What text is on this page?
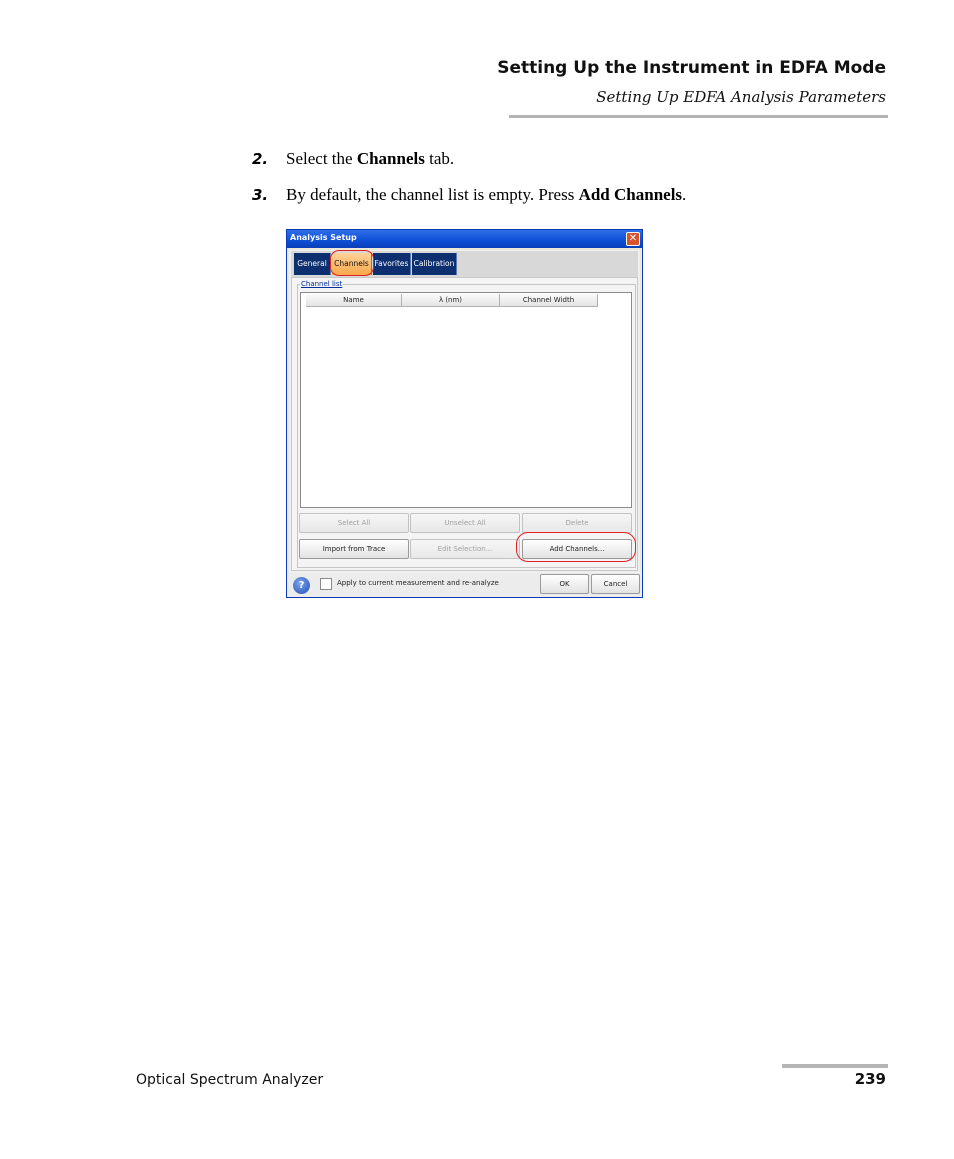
Setting Up the Instrument in EDFA Mode
Setting Up EDFA Analysis Parameters
2. Select the Channels tab.
3. By default, the channel list is empty. Press Add Channels.
Analysis Setup	✕
General Channels Favorites Calibration
Channel list
Name	λ (nm)	Channel Width
Select All	Unselect All	Delete
Import from Trace	Edit Selection...	Add Channels...
?	Apply to current measurement and re-analyze	OK	Cancel
Optical Spectrum Analyzer	239
